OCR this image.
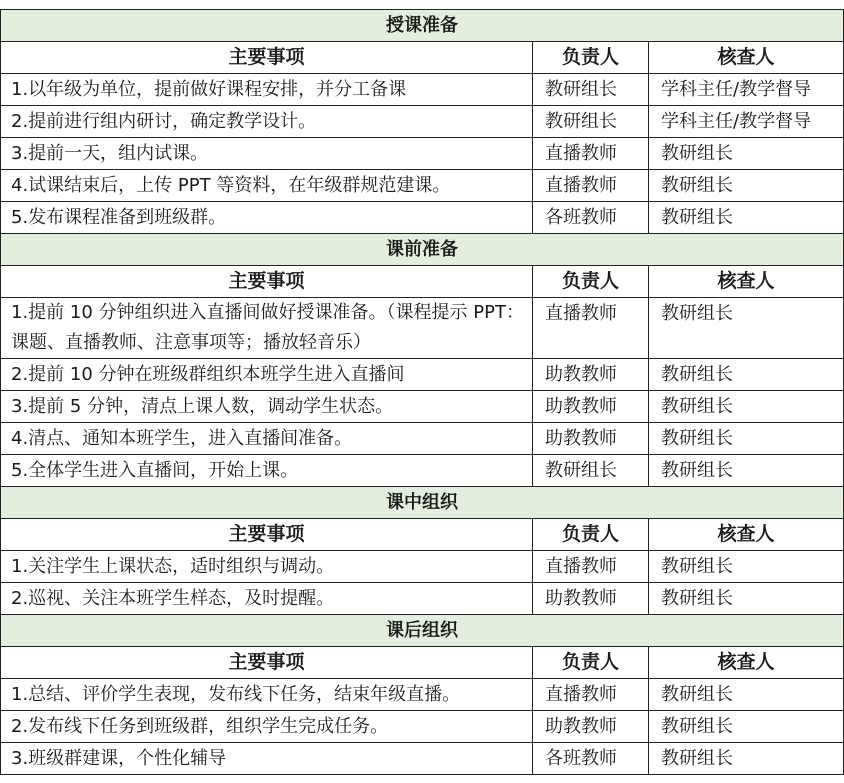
授课准备		
主要事项	负责人	核查人
1.以年级为单位，提前做好课程安排，并分工备课	教研组长	学科主任/教学督导
2.提前进行组内研讨，确定教学设计。	教研组长	学科主任/教学督导
3.提前一天，组内试课。	直播教师	教研组长
4.试课结束后，上传 PPT 等资料，在年级群规范建课。	直播教师	教研组长
5.发布课程准备到班级群。	各班教师	教研组长
课前准备		
主要事项	负责人	核查人
1.提前 10 分钟组织进入直播间做好授课准备。（课程提示 PPT：课题、直播教师、注意事项等；播放轻音乐）	直播教师	教研组长
2.提前 10 分钟在班级群组织本班学生进入直播间	助教教师	教研组长
3.提前 5 分钟，清点上课人数，调动学生状态。	助教教师	教研组长
4.清点、通知本班学生，进入直播间准备。	助教教师	教研组长
5.全体学生进入直播间，开始上课。	教研组长	教研组长
课中组织		
主要事项	负责人	核查人
1.关注学生上课状态，适时组织与调动。	直播教师	教研组长
2.巡视、关注本班学生样态，及时提醒。	助教教师	教研组长
课后组织		
主要事项	负责人	核查人
1.总结、评价学生表现，发布线下任务，结束年级直播。	直播教师	教研组长
2.发布线下任务到班级群，组织学生完成任务。	助教教师	教研组长
3.班级群建课，个性化辅导	各班教师	教研组长
